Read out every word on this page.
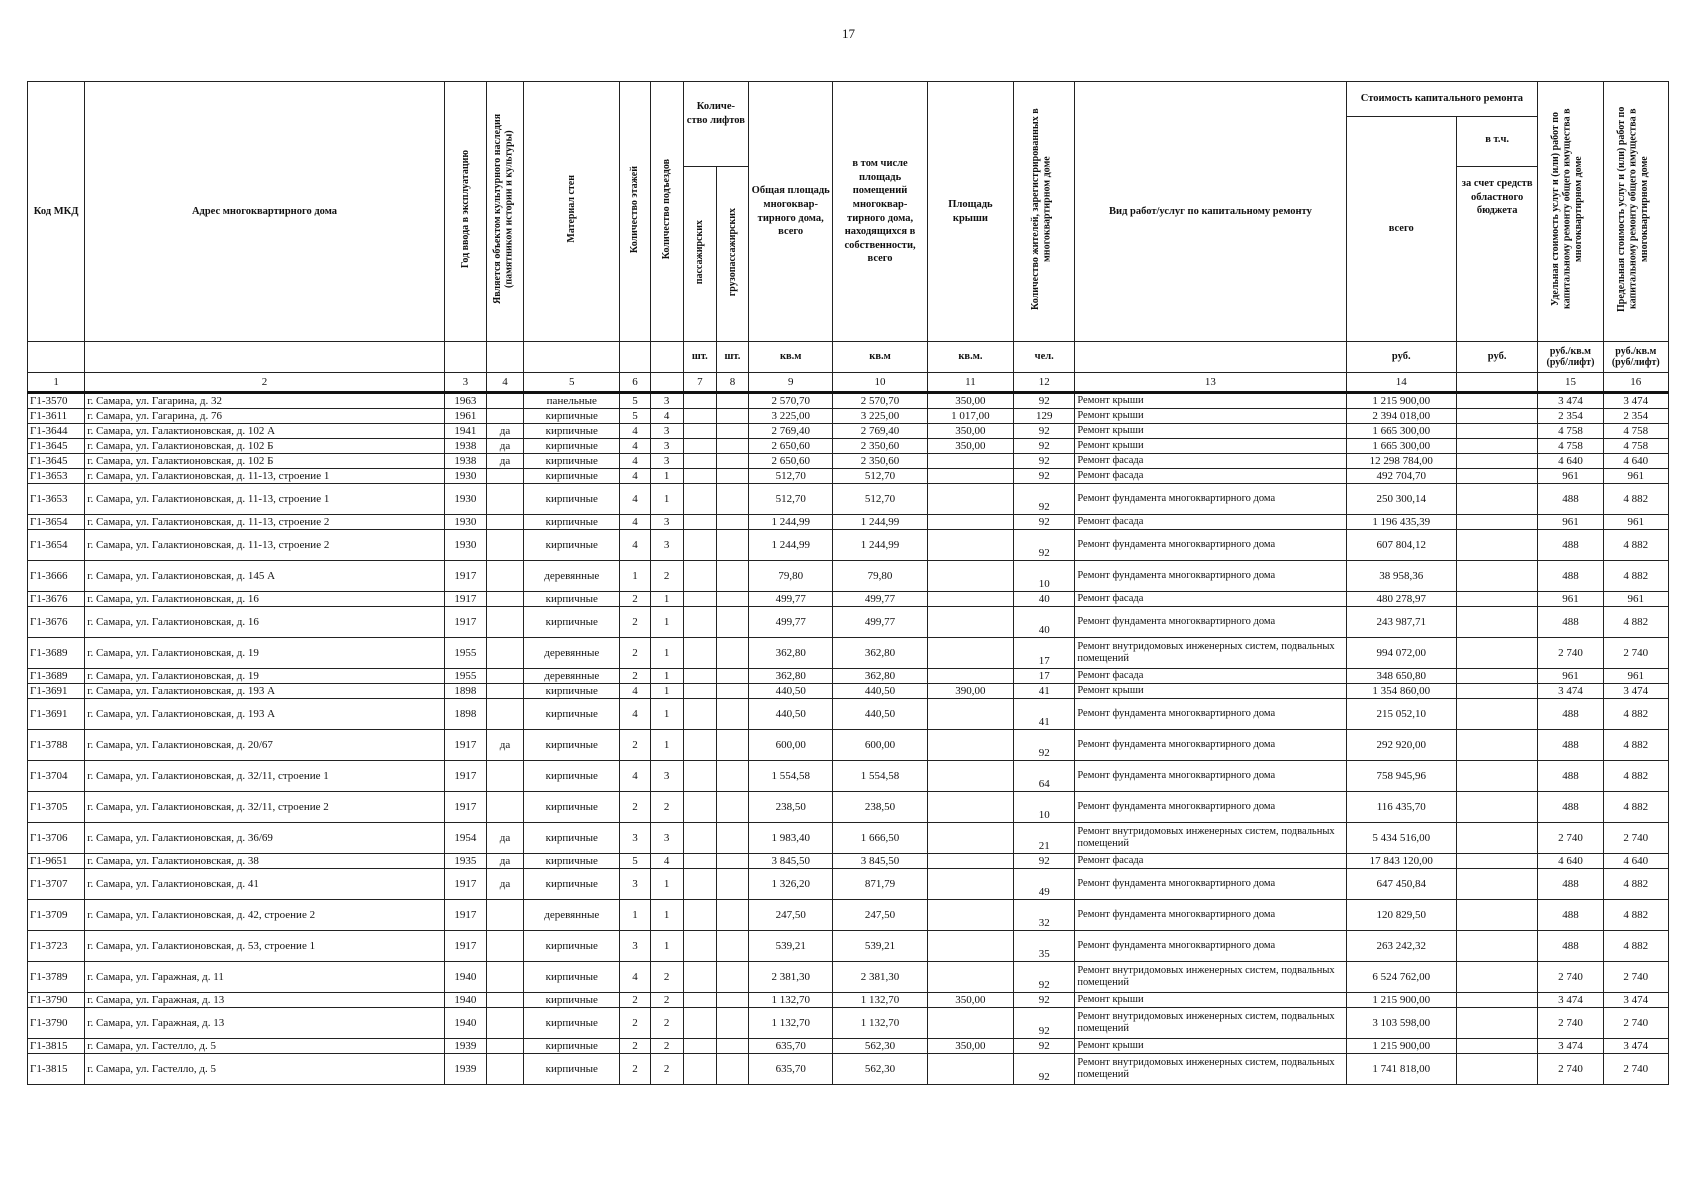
17
Код МКД	Адрес многоквартирного дома	Год ввода в эксплуатацию	Является объектом культурного наследия (памятником истории и культуры)	Материал стен	Количество этажей	Количество подъездов	Количе- ство лифтов		Общая площадь многоквар- тирного дома, всего	в том числе площадь помещений многоквар- тирного дома, находящихся в собственности, всего	Площадь крыши	Количество жителей, зарегистрированных в многоквартирном доме	Вид работ/услуг по капитальному ремонту	Стоимость капитального ремонта		Удельная стоимость услуг и (или) работ по капитальному ремонту общего имущества в многоквартирном доме	Предельная стоимость услуг и (или) работ по капитальному ремонту общего имущества в многоквартирном доме
														всего	в т.ч.		
							пассажирских	грузопассажирских							за счет средств областного бюджета		
							шт.	шт.	кв.м	кв.м	кв.м.	чел.		руб.	руб.	руб./кв.м (руб/лифт)	руб./кв.м (руб/лифт)
1	2	3	4	5	6		7	8	9	10	11	12	13	14		15	16
Г1-3570	г. Самара, ул. Гагарина, д. 32	1963		панельные	5	3			2 570,70	2 570,70	350,00	92	Ремонт крыши	1 215 900,00		3 474	3 474
Г1-3611	г. Самара, ул. Гагарина, д. 76	1961		кирпичные	5	4			3 225,00	3 225,00	1 017,00	129	Ремонт крыши	2 394 018,00		2 354	2 354
Г1-3644	г. Самара, ул. Галактионовская, д. 102 А	1941	да	кирпичные	4	3			2 769,40	2 769,40	350,00	92	Ремонт крыши	1 665 300,00		4 758	4 758
Г1-3645	г. Самара, ул. Галактионовская, д. 102 Б	1938	да	кирпичные	4	3			2 650,60	2 350,60	350,00	92	Ремонт крыши	1 665 300,00		4 758	4 758
Г1-3645	г. Самара, ул. Галактионовская, д. 102 Б	1938	да	кирпичные	4	3			2 650,60	2 350,60		92	Ремонт фасада	12 298 784,00		4 640	4 640
Г1-3653	г. Самара, ул. Галактионовская, д. 11-13, строение 1	1930		кирпичные	4	1			512,70	512,70		92	Ремонт фасада	492 704,70		961	961
Г1-3653	г. Самара, ул. Галактионовская, д. 11-13, строение 1	1930		кирпичные	4	1			512,70	512,70		92	Ремонт фундамента многоквартирного дома	250 300,14		488	4 882
Г1-3654	г. Самара, ул. Галактионовская, д. 11-13, строение 2	1930		кирпичные	4	3			1 244,99	1 244,99		92	Ремонт фасада	1 196 435,39		961	961
Г1-3654	г. Самара, ул. Галактионовская, д. 11-13, строение 2	1930		кирпичные	4	3			1 244,99	1 244,99		92	Ремонт фундамента многоквартирного дома	607 804,12		488	4 882
Г1-3666	г. Самара, ул. Галактионовская, д. 145 А	1917		деревянные	1	2			79,80	79,80		10	Ремонт фундамента многоквартирного дома	38 958,36		488	4 882
Г1-3676	г. Самара, ул. Галактионовская, д. 16	1917		кирпичные	2	1			499,77	499,77		40	Ремонт фасада	480 278,97		961	961
Г1-3676	г. Самара, ул. Галактионовская, д. 16	1917		кирпичные	2	1			499,77	499,77		40	Ремонт фундамента многоквартирного дома	243 987,71		488	4 882
Г1-3689	г. Самара, ул. Галактионовская, д. 19	1955		деревянные	2	1			362,80	362,80		17	Ремонт внутридомовых инженерных систем, подвальных помещений	994 072,00		2 740	2 740
Г1-3689	г. Самара, ул. Галактионовская, д. 19	1955		деревянные	2	1			362,80	362,80		17	Ремонт фасада	348 650,80		961	961
Г1-3691	г. Самара, ул. Галактионовская, д. 193 А	1898		кирпичные	4	1			440,50	440,50	390,00	41	Ремонт крыши	1 354 860,00		3 474	3 474
Г1-3691	г. Самара, ул. Галактионовская, д. 193 А	1898		кирпичные	4	1			440,50	440,50		41	Ремонт фундамента многоквартирного дома	215 052,10		488	4 882
Г1-3788	г. Самара, ул. Галактионовская, д. 20/67	1917	да	кирпичные	2	1			600,00	600,00		92	Ремонт фундамента многоквартирного дома	292 920,00		488	4 882
Г1-3704	г. Самара, ул. Галактионовская, д. 32/11, строение 1	1917		кирпичные	4	3			1 554,58	1 554,58		64	Ремонт фундамента многоквартирного дома	758 945,96		488	4 882
Г1-3705	г. Самара, ул. Галактионовская, д. 32/11, строение 2	1917		кирпичные	2	2			238,50	238,50		10	Ремонт фундамента многоквартирного дома	116 435,70		488	4 882
Г1-3706	г. Самара, ул. Галактионовская, д. 36/69	1954	да	кирпичные	3	3			1 983,40	1 666,50		21	Ремонт внутридомовых инженерных систем, подвальных помещений	5 434 516,00		2 740	2 740
Г1-9651	г. Самара, ул. Галактионовская, д. 38	1935	да	кирпичные	5	4			3 845,50	3 845,50		92	Ремонт фасада	17 843 120,00		4 640	4 640
Г1-3707	г. Самара, ул. Галактионовская, д. 41	1917	да	кирпичные	3	1			1 326,20	871,79		49	Ремонт фундамента многоквартирного дома	647 450,84		488	4 882
Г1-3709	г. Самара, ул. Галактионовская, д. 42, строение 2	1917		деревянные	1	1			247,50	247,50		32	Ремонт фундамента многоквартирного дома	120 829,50		488	4 882
Г1-3723	г. Самара, ул. Галактионовская, д. 53, строение 1	1917		кирпичные	3	1			539,21	539,21		35	Ремонт фундамента многоквартирного дома	263 242,32		488	4 882
Г1-3789	г. Самара, ул. Гаражная, д. 11	1940		кирпичные	4	2			2 381,30	2 381,30		92	Ремонт внутридомовых инженерных систем, подвальных помещений	6 524 762,00		2 740	2 740
Г1-3790	г. Самара, ул. Гаражная, д. 13	1940		кирпичные	2	2			1 132,70	1 132,70	350,00	92	Ремонт крыши	1 215 900,00		3 474	3 474
Г1-3790	г. Самара, ул. Гаражная, д. 13	1940		кирпичные	2	2			1 132,70	1 132,70		92	Ремонт внутридомовых инженерных систем, подвальных помещений	3 103 598,00		2 740	2 740
Г1-3815	г. Самара, ул. Гастелло, д. 5	1939		кирпичные	2	2			635,70	562,30	350,00	92	Ремонт крыши	1 215 900,00		3 474	3 474
Г1-3815	г. Самара, ул. Гастелло, д. 5	1939		кирпичные	2	2			635,70	562,30		92	Ремонт внутридомовых инженерных систем, подвальных помещений	1 741 818,00		2 740	2 740
